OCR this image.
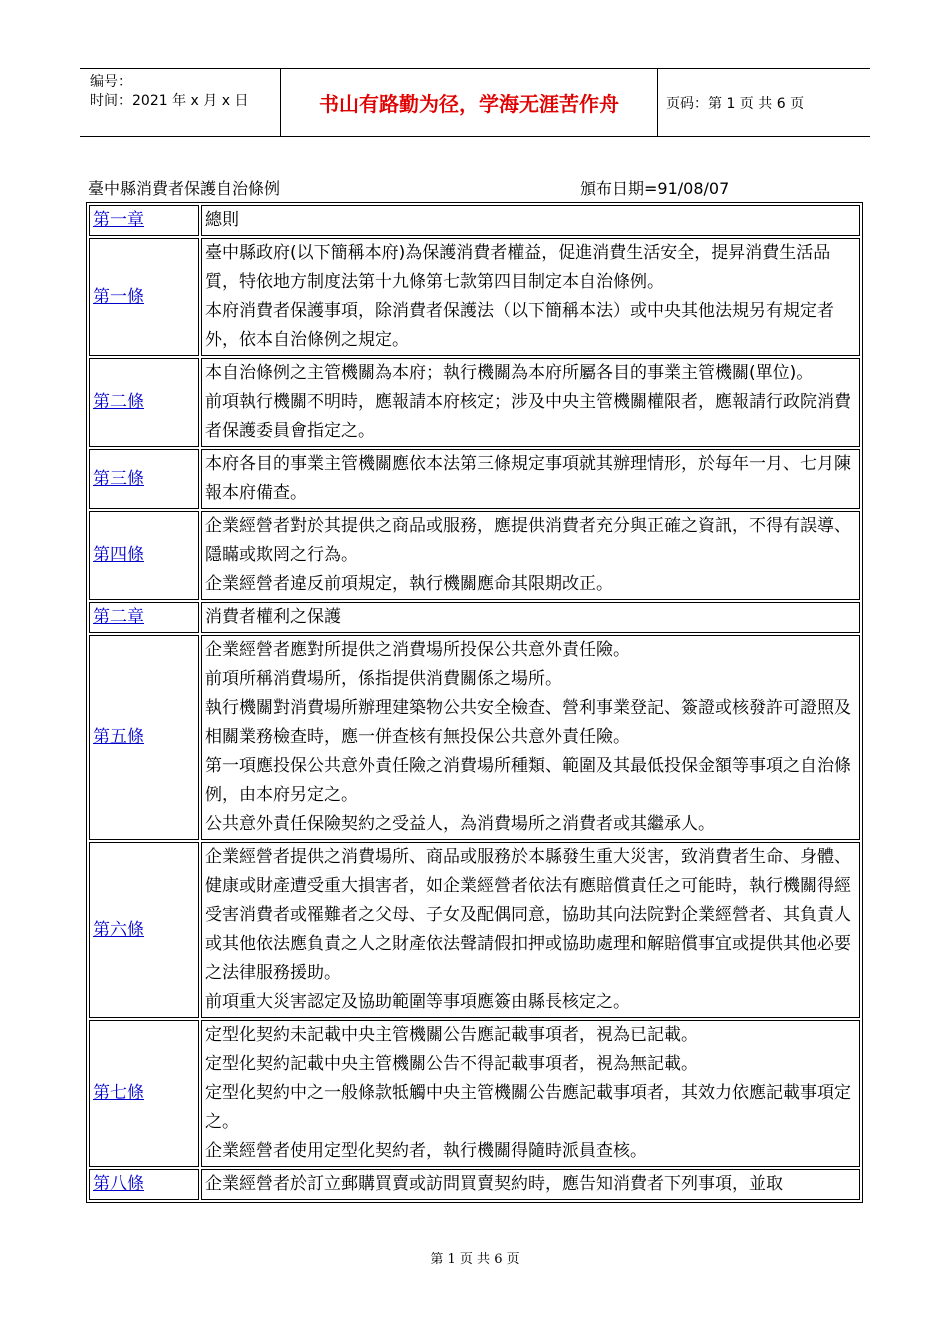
编号：
时间：2021 年 x 月 x 日	书山有路勤为径，学海无涯苦作舟	页码：第 1 页 共 6 页
臺中縣消費者保護自治條例	頒布日期=91/08/07
第一章	總則

第一條	臺中縣政府(以下簡稱本府)為保護消費者權益，促進消費生活安全，提昇消費生活品質，特依地方制度法第十九條第七款第四目制定本自治條例。

本府消費者保護事項，除消費者保護法（以下簡稱本法）或中央其他法規另有規定者外，依本自治條例之規定。

第二條	本自治條例之主管機關為本府；執行機關為本府所屬各目的事業主管機關(單位)。

前項執行機關不明時，應報請本府核定；涉及中央主管機關權限者，應報請行政院消費者保護委員會指定之。

第三條	本府各目的事業主管機關應依本法第三條規定事項就其辦理情形，於每年一月、七月陳報本府備查。

第四條	企業經營者對於其提供之商品或服務，應提供消費者充分與正確之資訊，不得有誤導、隱瞞或欺罔之行為。

企業經營者違反前項規定，執行機關應命其限期改正。

第二章	消費者權利之保護

第五條	企業經營者應對所提供之消費場所投保公共意外責任險。

前項所稱消費場所，係指提供消費關係之場所。

執行機關對消費場所辦理建築物公共安全檢查、營利事業登記、簽證或核發許可證照及相關業務檢查時，應一併查核有無投保公共意外責任險。

第一項應投保公共意外責任險之消費場所種類、範圍及其最低投保金額等事項之自治條例，由本府另定之。

公共意外責任保險契約之受益人，為消費場所之消費者或其繼承人。

第六條	企業經營者提供之消費場所、商品或服務於本縣發生重大災害，致消費者生命、身體、健康或財產遭受重大損害者，如企業經營者依法有應賠償責任之可能時，執行機關得經受害消費者或罹難者之父母、子女及配偶同意，協助其向法院對企業經營者、其負責人或其他依法應負責之人之財產依法聲請假扣押或協助處理和解賠償事宜或提供其他必要之法律服務援助。

前項重大災害認定及協助範圍等事項應簽由縣長核定之。

第七條	定型化契約未記載中央主管機關公告應記載事項者，視為已記載。

定型化契約記載中央主管機關公告不得記載事項者，視為無記載。

定型化契約中之一般條款牴觸中央主管機關公告應記載事項者，其效力依應記載事項定之。

企業經營者使用定型化契約者，執行機關得隨時派員查核。

第八條	企業經營者於訂立郵購買賣或訪問買賣契約時，應告知消費者下列事項，並取

第 1 页 共 6 页
